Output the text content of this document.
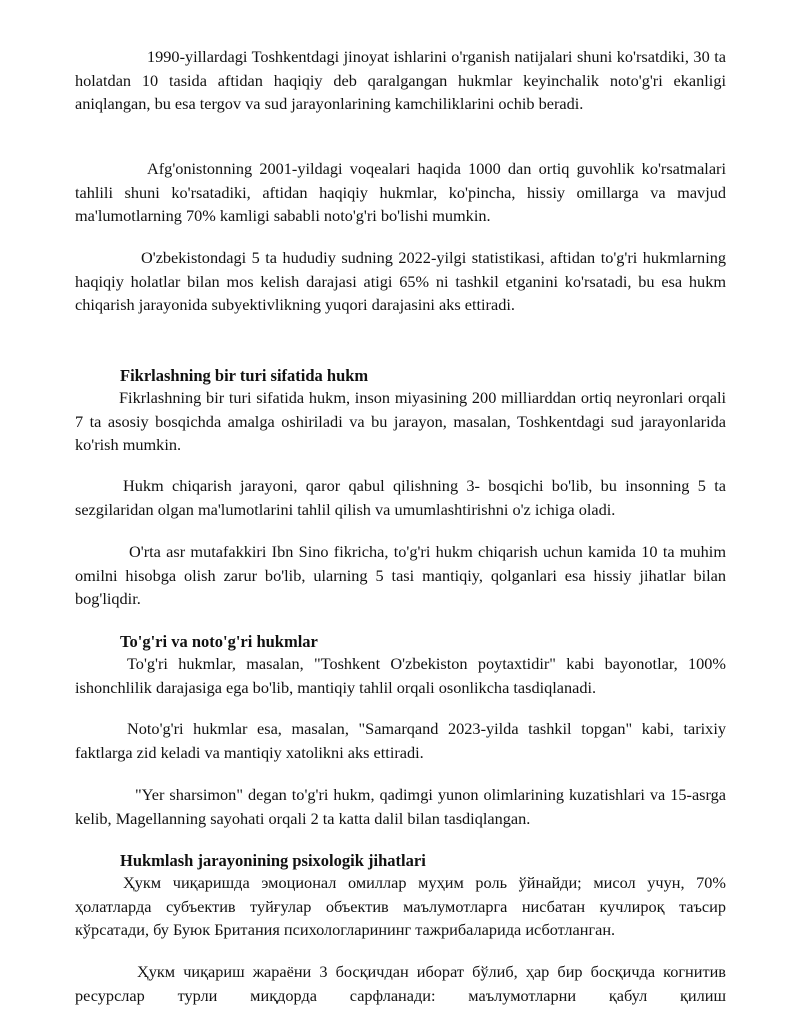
1990-yillardagi Toshkentdagi jinoyat ishlarini o'rganish natijalari shuni ko'rsatdiki, 30 ta holatdan 10 tasida aftidan haqiqiy deb qaralgangan hukmlar keyinchalik noto'g'ri ekanligi aniqlangan, bu esa tergov va sud jarayonlarining kamchiliklarini ochib beradi.

Afg'onistonning 2001-yildagi voqealari haqida 1000 dan ortiq guvohlik ko'rsatmalari tahlili shuni ko'rsatadiki, aftidan haqiqiy hukmlar, ko'pincha, hissiy omillarga va mavjud ma'lumotlarning 70% kamligi sababli noto'g'ri bo'lishi mumkin.

O'zbekistondagi 5 ta hududiy sudning 2022-yilgi statistikasi, aftidan to'g'ri hukmlarning haqiqiy holatlar bilan mos kelish darajasi atigi 65% ni tashkil etganini ko'rsatadi, bu esa hukm chiqarish jarayonida subyektivlikning yuqori darajasini aks ettiradi.

Fikrlashning bir turi sifatida hukm

Fikrlashning bir turi sifatida hukm, inson miyasining 200 milliarddan ortiq neyronlari orqali 7 ta asosiy bosqichda amalga oshiriladi va bu jarayon, masalan, Toshkentdagi sud jarayonlarida ko'rish mumkin.

Hukm chiqarish jarayoni, qaror qabul qilishning 3- bosqichi bo'lib, bu insonning 5 ta sezgilaridan olgan ma'lumotlarini tahlil qilish va umumlashtirishni o'z ichiga oladi.

O'rta asr mutafakkiri Ibn Sino fikricha, to'g'ri hukm chiqarish uchun kamida 10 ta muhim omilni hisobga olish zarur bo'lib, ularning 5 tasi mantiqiy, qolganlari esa hissiy jihatlar bilan bog'liqdir.

To'g'ri va noto'g'ri hukmlar

To'g'ri hukmlar, masalan, "Toshkent O'zbekiston poytaxtidir" kabi bayonotlar, 100% ishonchlilik darajasiga ega bo'lib, mantiqiy tahlil orqali osonlikcha tasdiqlanadi.

Noto'g'ri hukmlar esa, masalan, "Samarqand 2023-yilda tashkil topgan" kabi, tarixiy faktlarga zid keladi va mantiqiy xatolikni aks ettiradi.

"Yer sharsimon" degan to'g'ri hukm, qadimgi yunon olimlarining kuzatishlari va 15-asrga kelib, Magellanning sayohati orqali 2 ta katta dalil bilan tasdiqlangan.

Hukmlash jarayonining psixologik jihatlari

Ҳукм чиқаришда эмоционал омиллар муҳим роль ўйнайди; мисол учун, 70% ҳолатларда субъектив туйғулар объектив маълумотларга нисбатан кучлироқ таъсир кўрсатади, бу Буюк Британия психологларининг тажрибаларида исботланган.

Ҳукм чиқариш жараёни 3 босқичдан иборат бўлиб, ҳар бир босқичда когнитив ресурслар турли миқдорда сарфланади: маълумотларни қабул қилиш
